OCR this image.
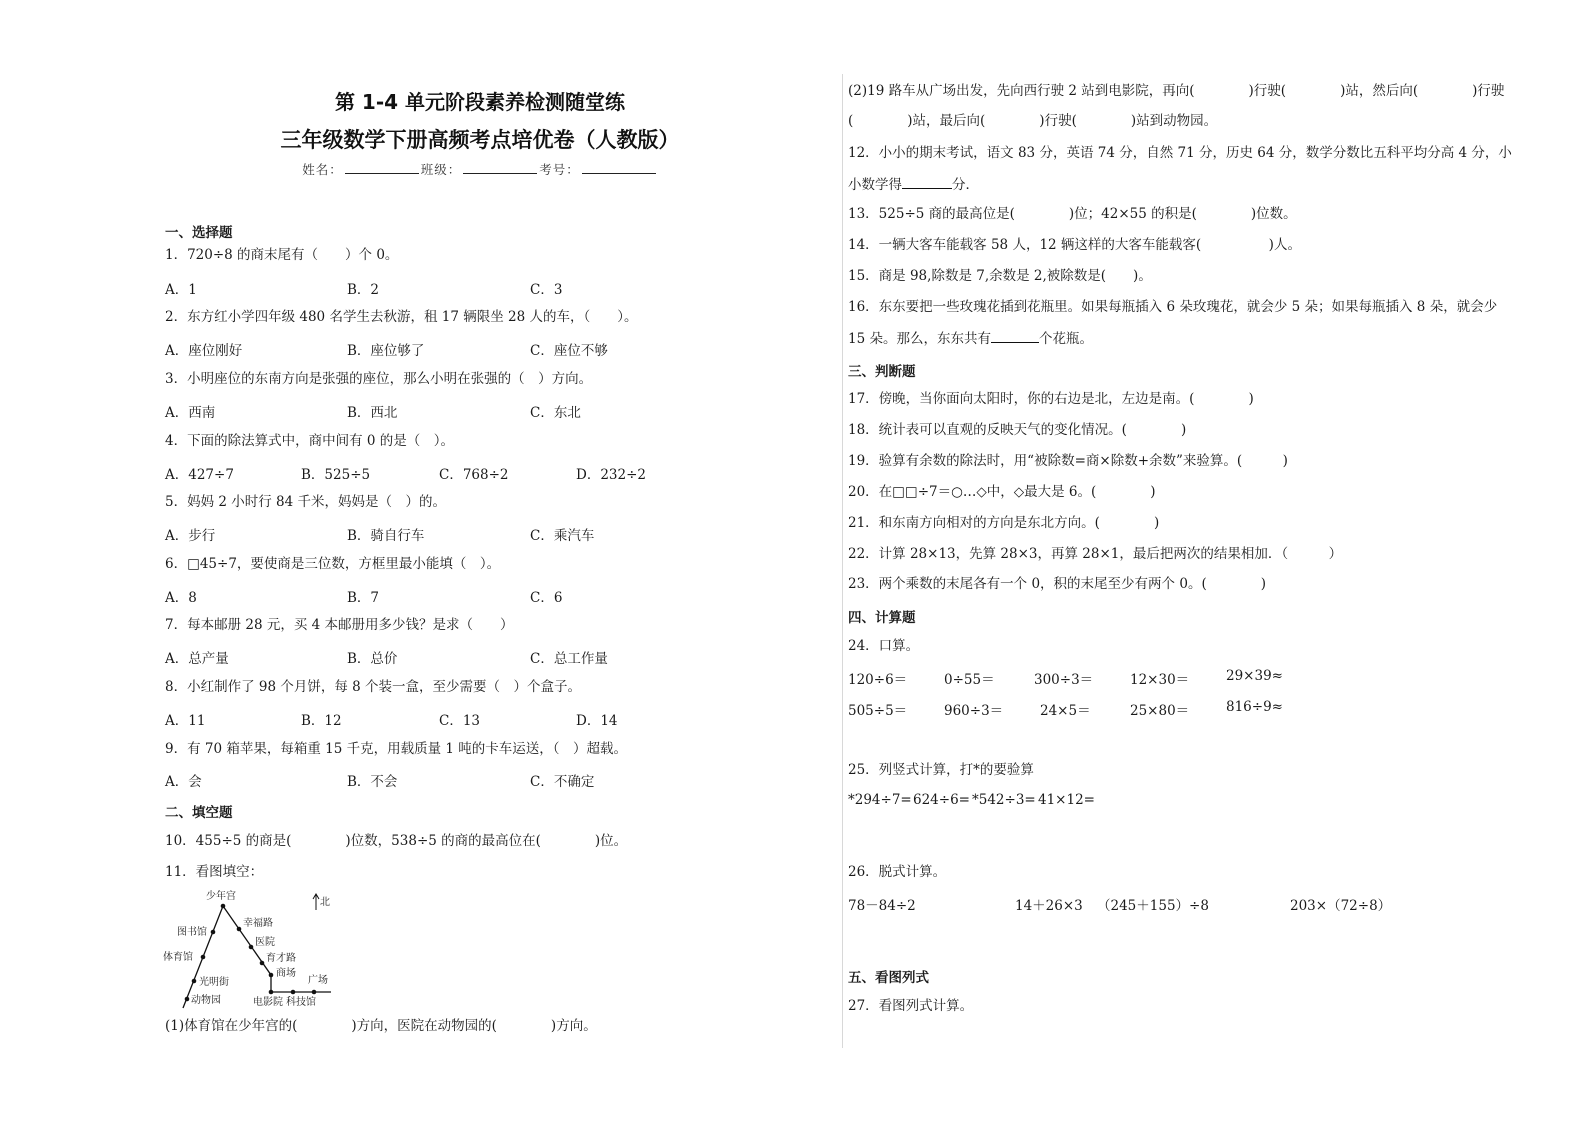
第 1-4 单元阶段素养检测随堂练
三年级数学下册高频考点培优卷（人教版）
姓名：	班级：	考号：
一、选择题
1．720÷8 的商末尾有（　　）个 0。
A．1	B．2	C．3
2．东方红小学四年级 480 名学生去秋游，租 17 辆限坐 28 人的车，（　　）。
A．座位刚好	B．座位够了	C．座位不够
3．小明座位的东南方向是张强的座位，那么小明在张强的（　）方向。
A．西南	B．西北	C．东北
4．下面的除法算式中，商中间有 0 的是（　）。
A．427÷7	B．525÷5	C．768÷2	D．232÷2
5．妈妈 2 小时行 84 千米，妈妈是（　）的。
A．步行	B．骑自行车	C．乘汽车
6．□45÷7，要使商是三位数，方框里最小能填（　）。
A．8	B．7	C．6
7．每本邮册 28 元，买 4 本邮册用多少钱？是求（　　）
A．总产量	B．总价	C．总工作量
8．小红制作了 98 个月饼，每 8 个装一盒，至少需要（　）个盒子。
A．11	B．12	C．13	D．14
9．有 70 箱苹果，每箱重 15 千克，用载质量 1 吨的卡车运送，（　）超载。
A．会	B．不会	C．不确定
二、填空题
10．455÷5 的商是(　　　　)位数，538÷5 的商的最高位在(　　　　)位。
11．看图填空：
北
少年宫
图书馆
体育馆
光明街
动物园
幸福路
医院
育才路
商场
电影院 科技馆
广场
(1)体育馆在少年宫的(　　　　)方向，医院在动物园的(　　　　)方向。
(2)19 路车从广场出发，先向西行驶 2 站到电影院，再向(　　　　)行驶(　　　　)站，然后向(　　　　)行驶
(　　　　)站，最后向(　　　　)行驶(　　　　)站到动物园。
12．小小的期末考试，语文 83 分，英语 74 分，自然 71 分，历史 64 分，数学分数比五科平均分高 4 分，小
小数学得	分．
13．525÷5 商的最高位是(　　　　)位；42×55 的积是(　　　　)位数。
14．一辆大客车能载客 58 人，12 辆这样的大客车能载客(　　　　　)人。
15．商是 98,除数是 7,余数是 2,被除数是(　　)。
16．东东要把一些玫瑰花插到花瓶里。如果每瓶插入 6 朵玫瑰花，就会少 5 朵；如果每瓶插入 8 朵，就会少
15 朵。那么，东东共有	个花瓶。
三、判断题
17．傍晚，当你面向太阳时，你的右边是北，左边是南。(　　　　)
18．统计表可以直观的反映天气的变化情况。(　　　　)
19．验算有余数的除法时，用“被除数=商×除数+余数”来验算。(　　　)
20．在□□÷7＝○…◇中，◇最大是 6。(　　　　)
21．和东南方向相对的方向是东北方向。(　　　　)
22．计算 28×13，先算 28×3，再算 28×1，最后把两次的结果相加．（　　　）
23．两个乘数的末尾各有一个 0，积的末尾至少有两个 0。(　　　　)
四、计算题
24．口算。
120÷6＝	0÷55＝	300÷3＝	12×30＝	29×39≈
505÷5＝	960÷3＝	24×5＝	25×80＝	816÷9≈
25．列竖式计算，打*的要验算
*294÷7= 624÷6= *542÷3= 41×12=
26．脱式计算。
78－84÷2	14＋26×3 （245＋155）÷8	203×（72÷8）
五、看图列式
27．看图列式计算。
